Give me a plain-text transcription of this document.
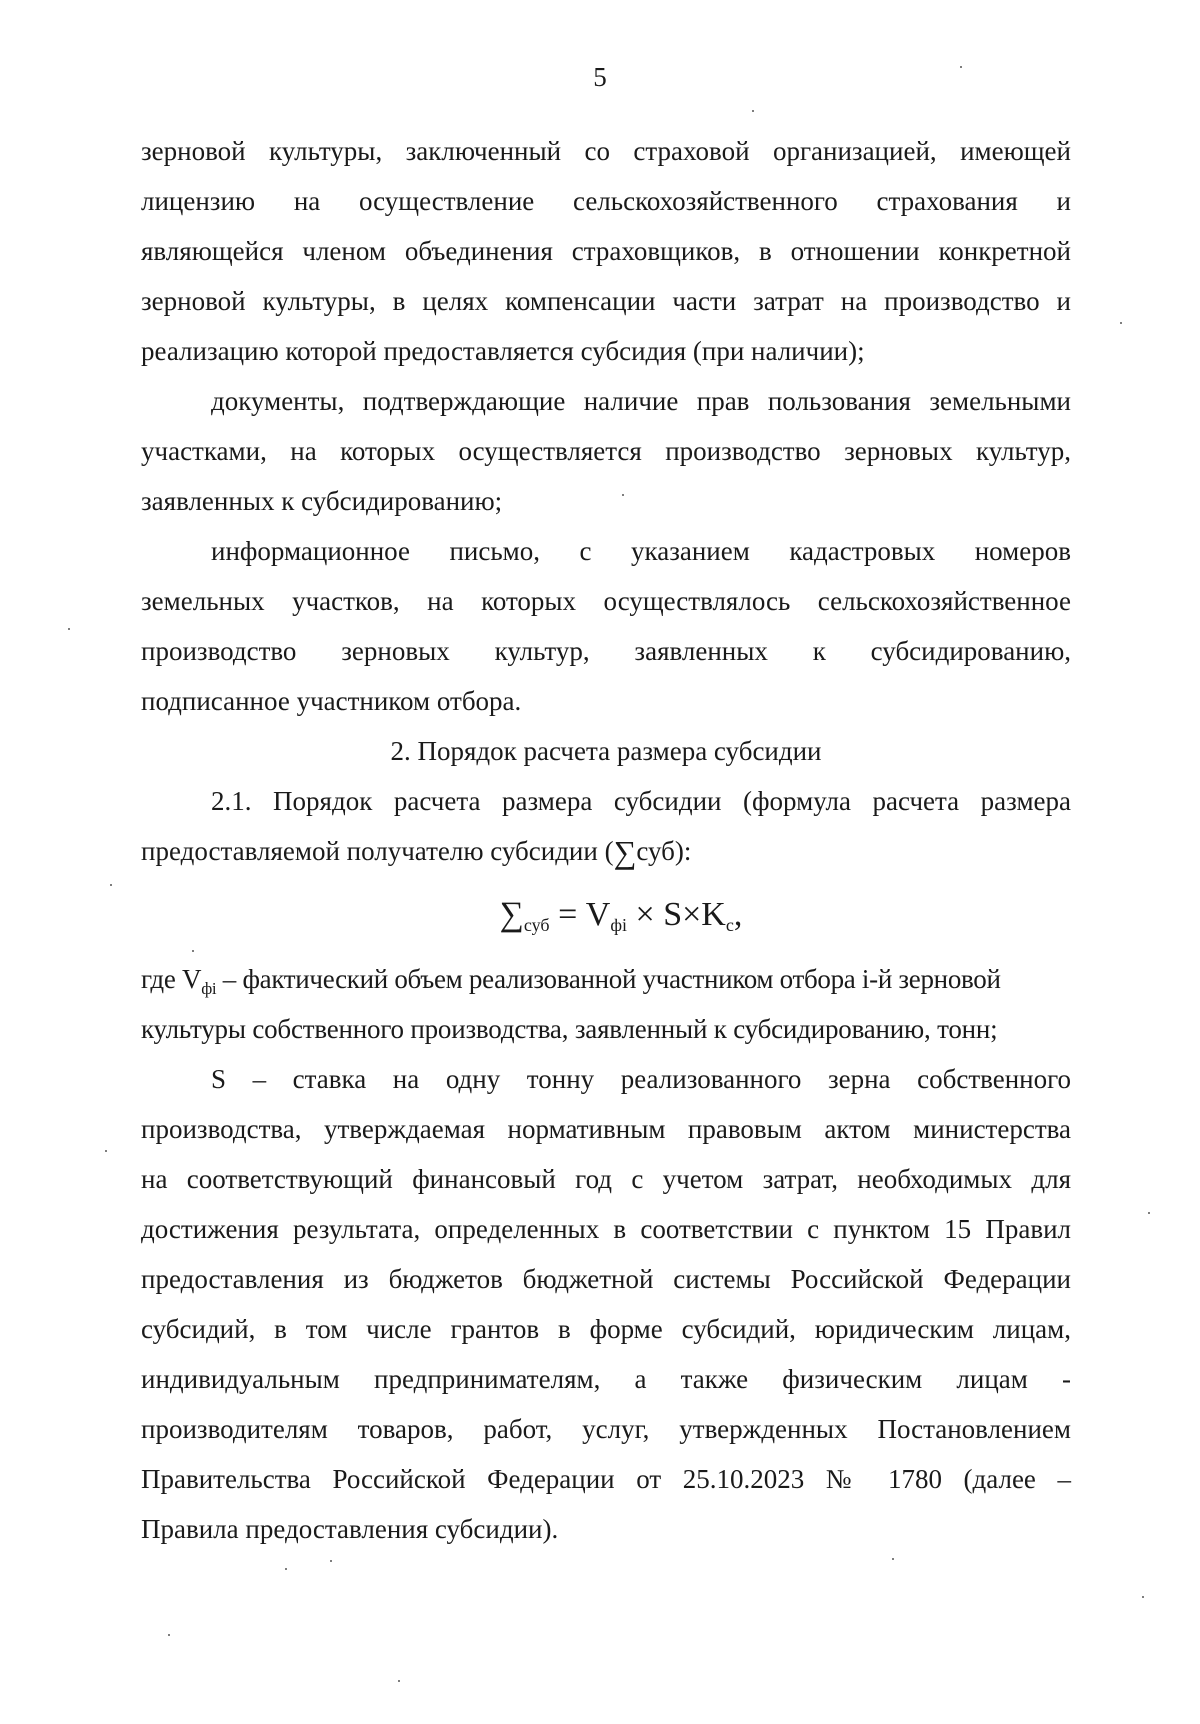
5
зерновой культуры, заключенный со страховой организацией, имеющей
лицензию на осуществление сельскохозяйственного страхования и
являющейся членом объединения страховщиков, в отношении конкретной
зерновой культуры, в целях компенсации части затрат на производство и
реализацию которой предоставляется субсидия (при наличии);
документы, подтверждающие наличие прав пользования земельными
участками, на которых осуществляется производство зерновых культур,
заявленных к субсидированию;
информационное письмо, с указанием кадастровых номеров
земельных участков, на которых осуществлялось сельскохозяйственное
производство зерновых культур, заявленных к субсидированию,
подписанное участником отбора.
2. Порядок расчета размера субсидии
2.1. Порядок расчета размера субсидии (формула расчета размера
предоставляемой получателю субсидии (∑суб):
$\sum_{суб} = V_{фi} \times S\times K_с$,
где $V_{фi}$ – фактический объем реализованной участником отбора i-й зерновой
культуры собственного производства, заявленный к субсидированию, тонн;
S – ставка на одну тонну реализованного зерна собственного
производства, утверждаемая нормативным правовым актом министерства
на соответствующий финансовый год с учетом затрат, необходимых для
достижения результата, определенных в соответствии с пунктом 15 Правил
предоставления из бюджетов бюджетной системы Российской Федерации
субсидий, в том числе грантов в форме субсидий, юридическим лицам,
индивидуальным предпринимателям, а также физическим лицам -
производителям товаров, работ, услуг, утвержденных Постановлением
Правительства Российской Федерации от 25.10.2023 № 1780 (далее –
Правила предоставления субсидии).
